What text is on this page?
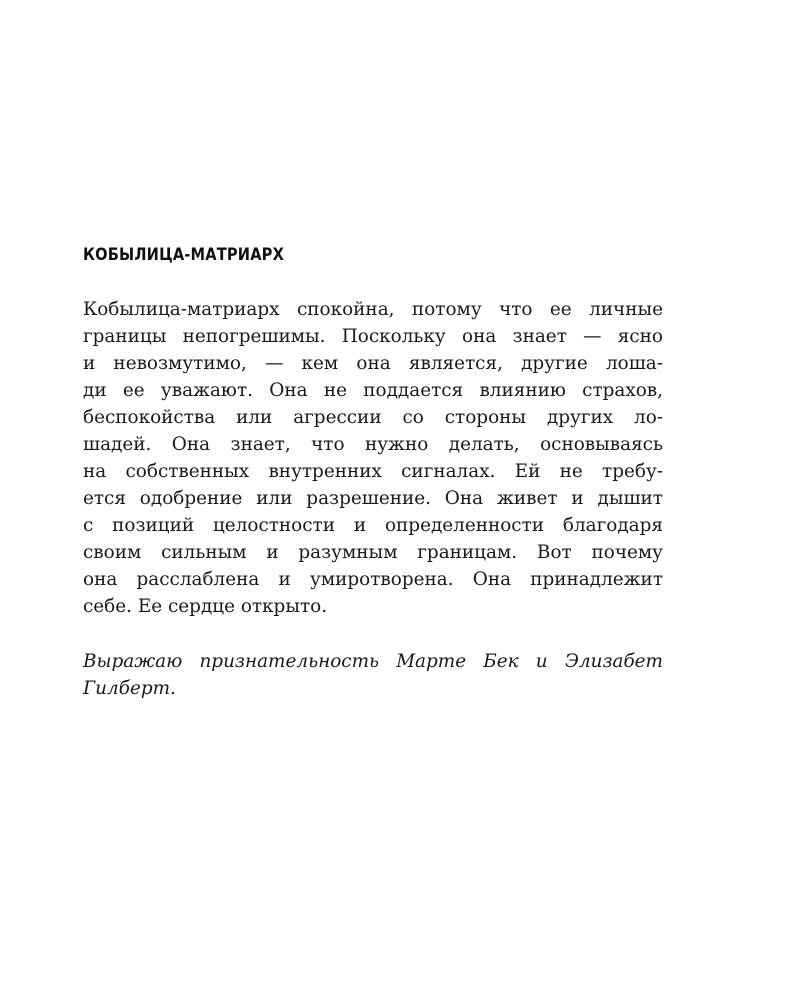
КОБЫЛИЦА-МАТРИАРХ
Кобылица-матриарх спокойна, потому что ее личные
границы непогрешимы. Поскольку она знает — ясно
и невозмутимо, — кем она является, другие лоша-
ди ее уважают. Она не поддается влиянию страхов,
беспокойства или агрессии со стороны других ло-
шадей. Она знает, что нужно делать, основываясь
на собственных внутренних сигналах. Ей не требу-
ется одобрение или разрешение. Она живет и дышит
с позиций целостности и определенности благодаря
своим сильным и разумным границам. Вот почему
она расслаблена и умиротворена. Она принадлежит
себе. Ее сердце открыто.
Выражаю признательность Марте Бек и Элизабет
Гилберт.
